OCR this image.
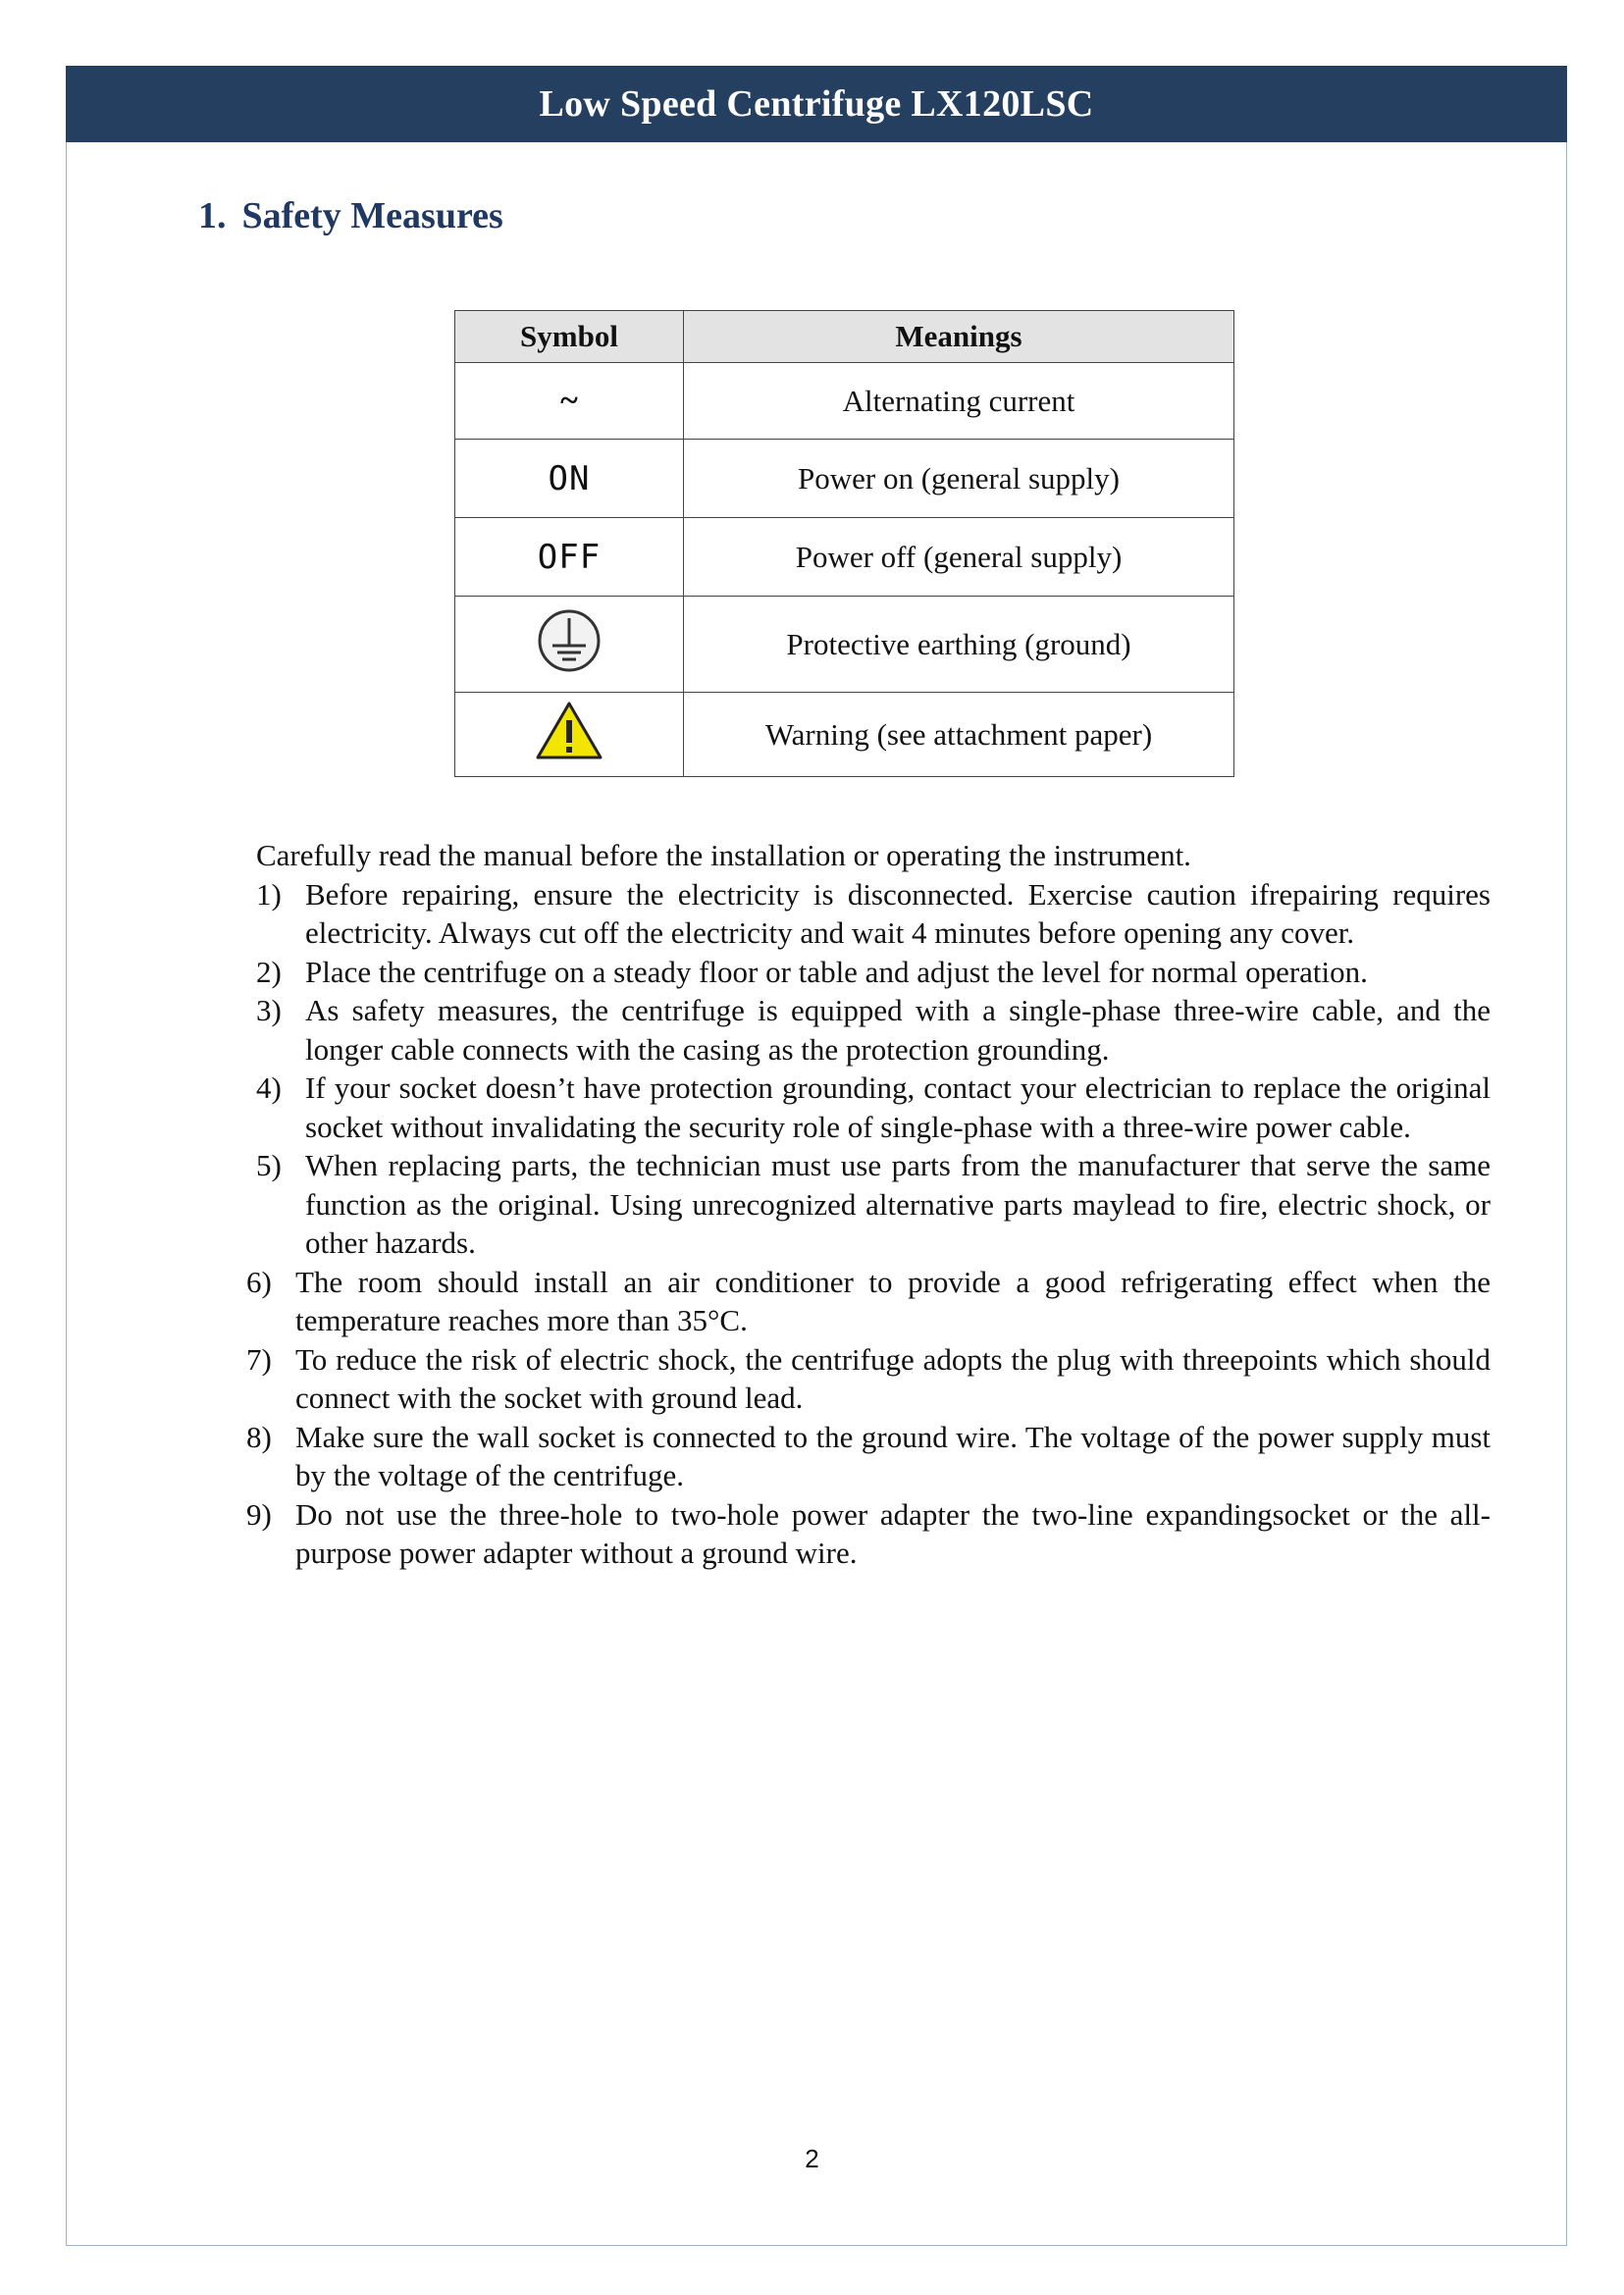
Low Speed Centrifuge LX120LSC
1. Safety Measures
Symbol	Meanings
~	Alternating current
ON	Power on (general supply)
OFF	Power off (general supply)
	Protective earthing (ground)
	Warning (see attachment paper)

Carefully read the manual before the installation or operating the instrument.

1) Before repairing, ensure the electricity is disconnected. Exercise caution ifrepairing requires electricity. Always cut off the electricity and wait 4 minutes before opening any cover.
2) Place the centrifuge on a steady floor or table and adjust the level for normal operation.
3) As safety measures, the centrifuge is equipped with a single-phase three-wire cable, and the longer cable connects with the casing as the protection grounding.
4) If your socket doesn’t have protection grounding, contact your electrician to replace the original socket without invalidating the security role of single-phase with a three-wire power cable.
5) When replacing parts, the technician must use parts from the manufacturer that serve the same function as the original. Using unrecognized alternative parts maylead to fire, electric shock, or other hazards.
6) The room should install an air conditioner to provide a good refrigerating effect when the temperature reaches more than 35°C.
7) To reduce the risk of electric shock, the centrifuge adopts the plug with threepoints which should connect with the socket with ground lead.
8) Make sure the wall socket is connected to the ground wire. The voltage of the power supply must by the voltage of the centrifuge.
9) Do not use the three-hole to two-hole power adapter the two-line expandingsocket or the all-purpose power adapter without a ground wire.
2
